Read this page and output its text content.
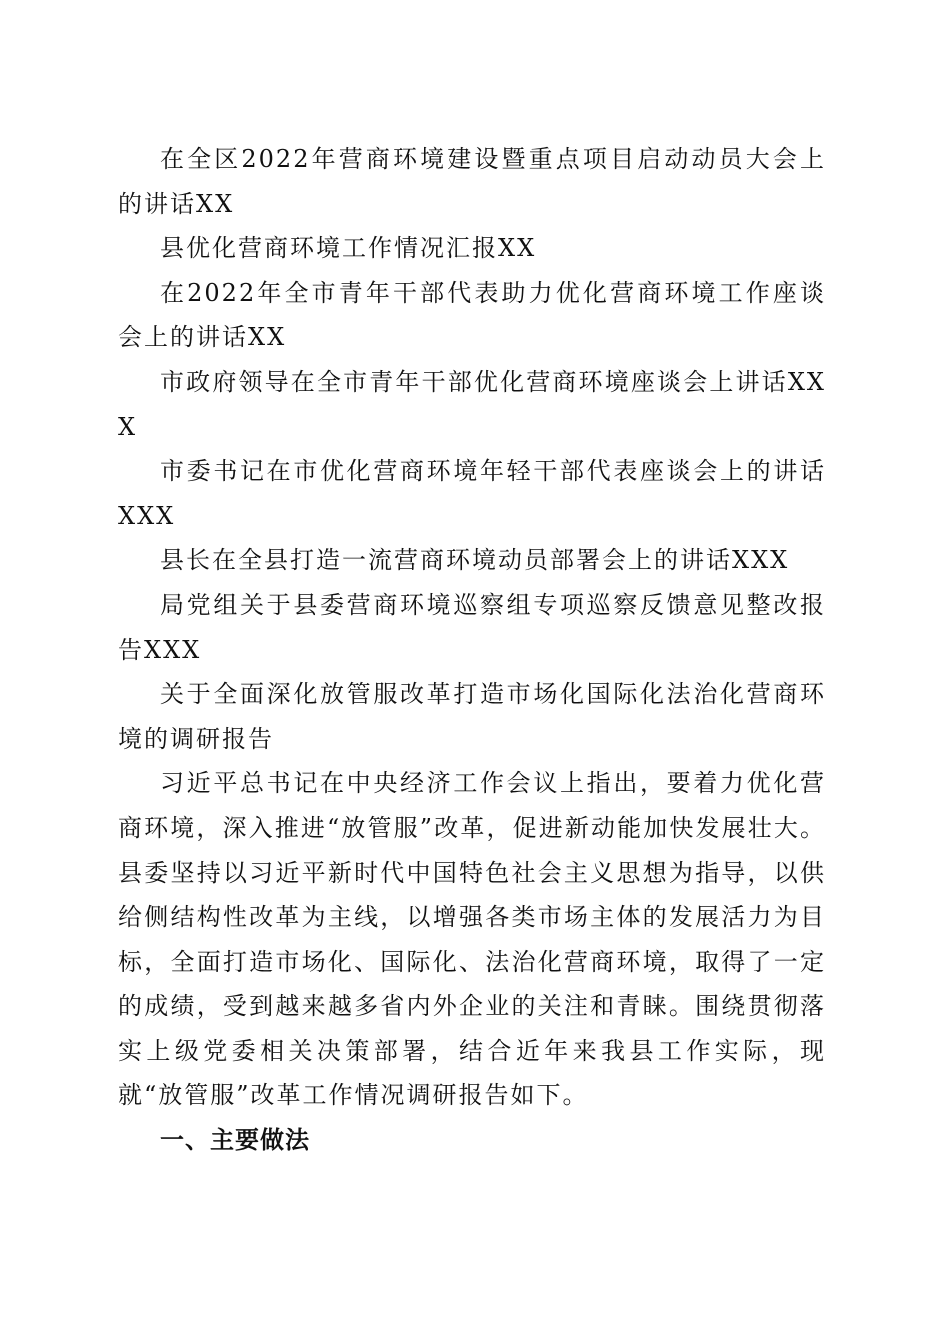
在全区2022年营商环境建设暨重点项目启动动员大会上的讲话XX

县优化营商环境工作情况汇报XX

在2022年全市青年干部代表助力优化营商环境工作座谈会上的讲话XX

市政府领导在全市青年干部优化营商环境座谈会上讲话XXX

市委书记在市优化营商环境年轻干部代表座谈会上的讲话XXX

县长在全县打造一流营商环境动员部署会上的讲话XXX

局党组关于县委营商环境巡察组专项巡察反馈意见整改报告XXX

关于全面深化放管服改革打造市场化国际化法治化营商环境的调研报告

习近平总书记在中央经济工作会议上指出，要着力优化营商环境，深入推进“放管服”改革，促进新动能加快发展壮大。县委坚持以习近平新时代中国特色社会主义思想为指导，以供给侧结构性改革为主线，以增强各类市场主体的发展活力为目标，全面打造市场化、国际化、法治化营商环境，取得了一定的成绩，受到越来越多省内外企业的关注和青睐。围绕贯彻落实上级党委相关决策部署，结合近年来我县工作实际，现就“放管服”改革工作情况调研报告如下。

一、主要做法
